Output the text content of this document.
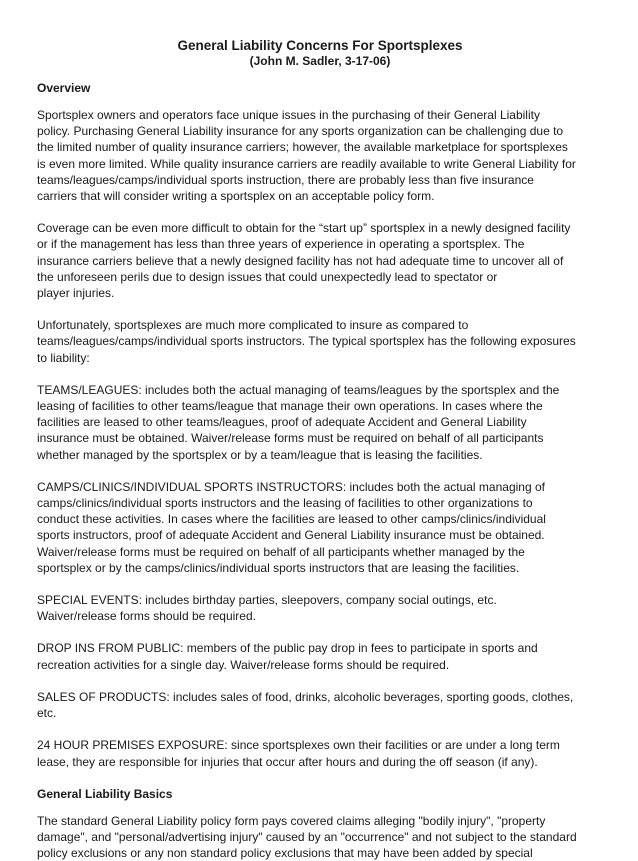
General Liability Concerns For Sportsplexes

(John M. Sadler, 3-17-06)

Overview

Sportsplex owners and operators face unique issues in the purchasing of their General Liability
policy. Purchasing General Liability insurance for any sports organization can be challenging due to
the limited number of quality insurance carriers; however, the available marketplace for sportsplexes
is even more limited. While quality insurance carriers are readily available to write General Liability for
teams/leagues/camps/individual sports instruction, there are probably less than five insurance
carriers that will consider writing a sportsplex on an acceptable policy form.

Coverage can be even more difficult to obtain for the “start up” sportsplex in a newly designed facility
or if the management has less than three years of experience in operating a sportsplex. The
insurance carriers believe that a newly designed facility has not had adequate time to uncover all of
the unforeseen perils due to design issues that could unexpectedly lead to spectator or
player injuries.

Unfortunately, sportsplexes are much more complicated to insure as compared to
teams/leagues/camps/individual sports instructors. The typical sportsplex has the following exposures
to liability:

TEAMS/LEAGUES: includes both the actual managing of teams/leagues by the sportsplex and the
leasing of facilities to other teams/league that manage their own operations. In cases where the
facilities are leased to other teams/leagues, proof of adequate Accident and General Liability
insurance must be obtained. Waiver/release forms must be required on behalf of all participants
whether managed by the sportsplex or by a team/league that is leasing the facilities.

CAMPS/CLINICS/INDIVIDUAL SPORTS INSTRUCTORS: includes both the actual managing of
camps/clinics/individual sports instructors and the leasing of facilities to other organizations to
conduct these activities. In cases where the facilities are leased to other camps/clinics/individual
sports instructors, proof of adequate Accident and General Liability insurance must be obtained.
Waiver/release forms must be required on behalf of all participants whether managed by the
sportsplex or by the camps/clinics/individual sports instructors that are leasing the facilities.

SPECIAL EVENTS: includes birthday parties, sleepovers, company social outings, etc.
Waiver/release forms should be required.

DROP INS FROM PUBLIC: members of the public pay drop in fees to participate in sports and
recreation activities for a single day. Waiver/release forms should be required.

SALES OF PRODUCTS: includes sales of food, drinks, alcoholic beverages, sporting goods, clothes,
etc.

24 HOUR PREMISES EXPOSURE: since sportsplexes own their facilities or are under a long term
lease, they are responsible for injuries that occur after hours and during the off season (if any).

General Liability Basics

The standard General Liability policy form pays covered claims alleging "bodily injury", "property
damage", and "personal/advertising injury" caused by an "occurrence" and not subject to the standard
policy exclusions or any non standard policy exclusions that may have been added by special
